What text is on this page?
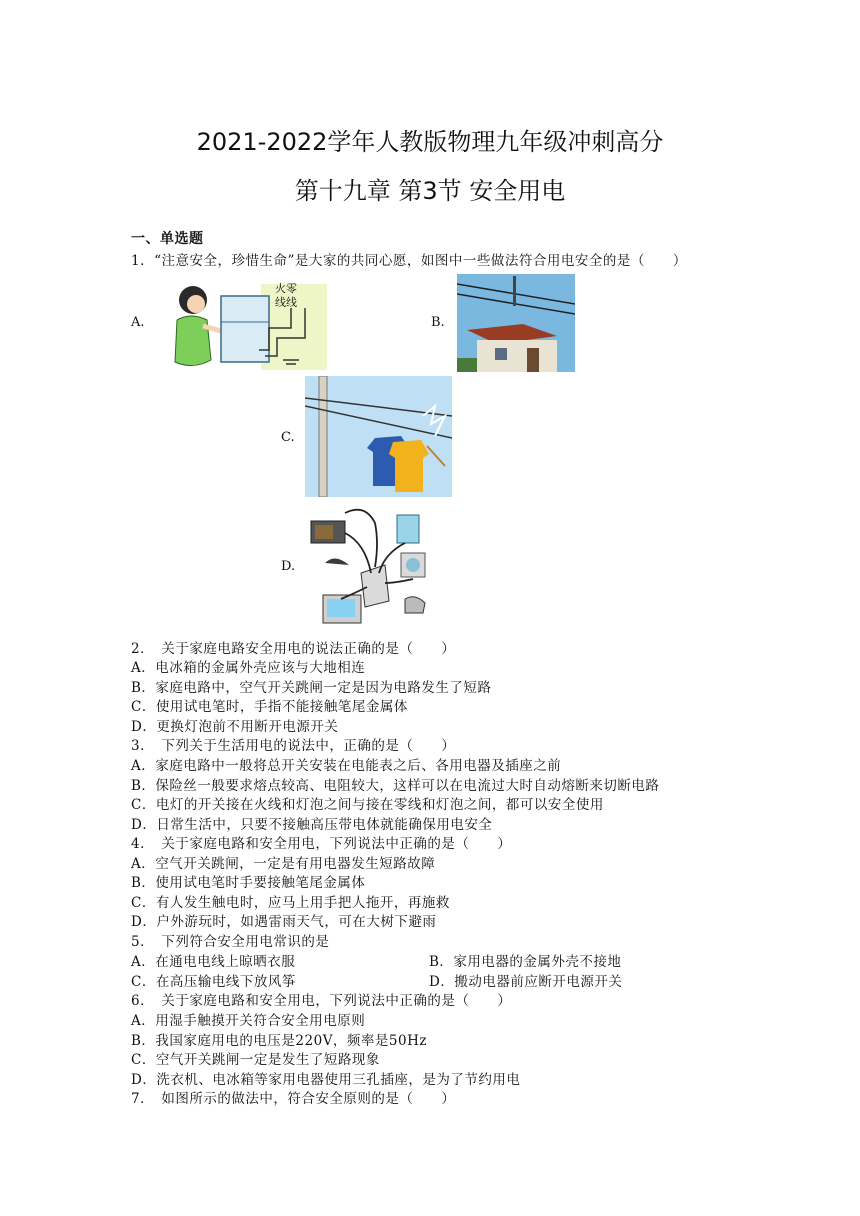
2021-2022学年人教版物理九年级冲刺高分
第十九章 第3节 安全用电
一、单选题
1．“注意安全，珍惜生命”是大家的共同心愿，如图中一些做法符合用电安全的是（　　）
A.
火零
线线
B.
C.
D.
2．　关于家庭电路安全用电的说法正确的是（　　）
A．电冰箱的金属外壳应该与大地相连
B．家庭电路中，空气开关跳闸一定是因为电路发生了短路
C．使用试电笔时，手指不能接触笔尾金属体
D．更换灯泡前不用断开电源开关
3．　下列关于生活用电的说法中，正确的是（　　）
A．家庭电路中一般将总开关安装在电能表之后、各用电器及插座之前
B．保险丝一般要求熔点较高、电阻较大，这样可以在电流过大时自动熔断来切断电路
C．电灯的开关接在火线和灯泡之间与接在零线和灯泡之间，都可以安全使用
D．日常生活中，只要不接触高压带电体就能确保用电安全
4．　关于家庭电路和安全用电，下列说法中正确的是（　　）
A．空气开关跳闸，一定是有用电器发生短路故障
B．使用试电笔时手要接触笔尾金属体
C．有人发生触电时，应马上用手把人拖开，再施救
D．户外游玩时，如遇雷雨天气，可在大树下避雨
5．　下列符合安全用电常识的是
A．在通电电线上晾晒衣服	B．家用电器的金属外壳不接地
C．在高压输电线下放风筝	D．搬动电器前应断开电源开关
6．　关于家庭电路和安全用电，下列说法中正确的是（　　）
A．用湿手触摸开关符合安全用电原则
B．我国家庭用电的电压是220V，频率是50Hz
C．空气开关跳闸一定是发生了短路现象
D．洗衣机、电冰箱等家用电器使用三孔插座，是为了节约用电
7．　如图所示的做法中，符合安全原则的是（　　）
